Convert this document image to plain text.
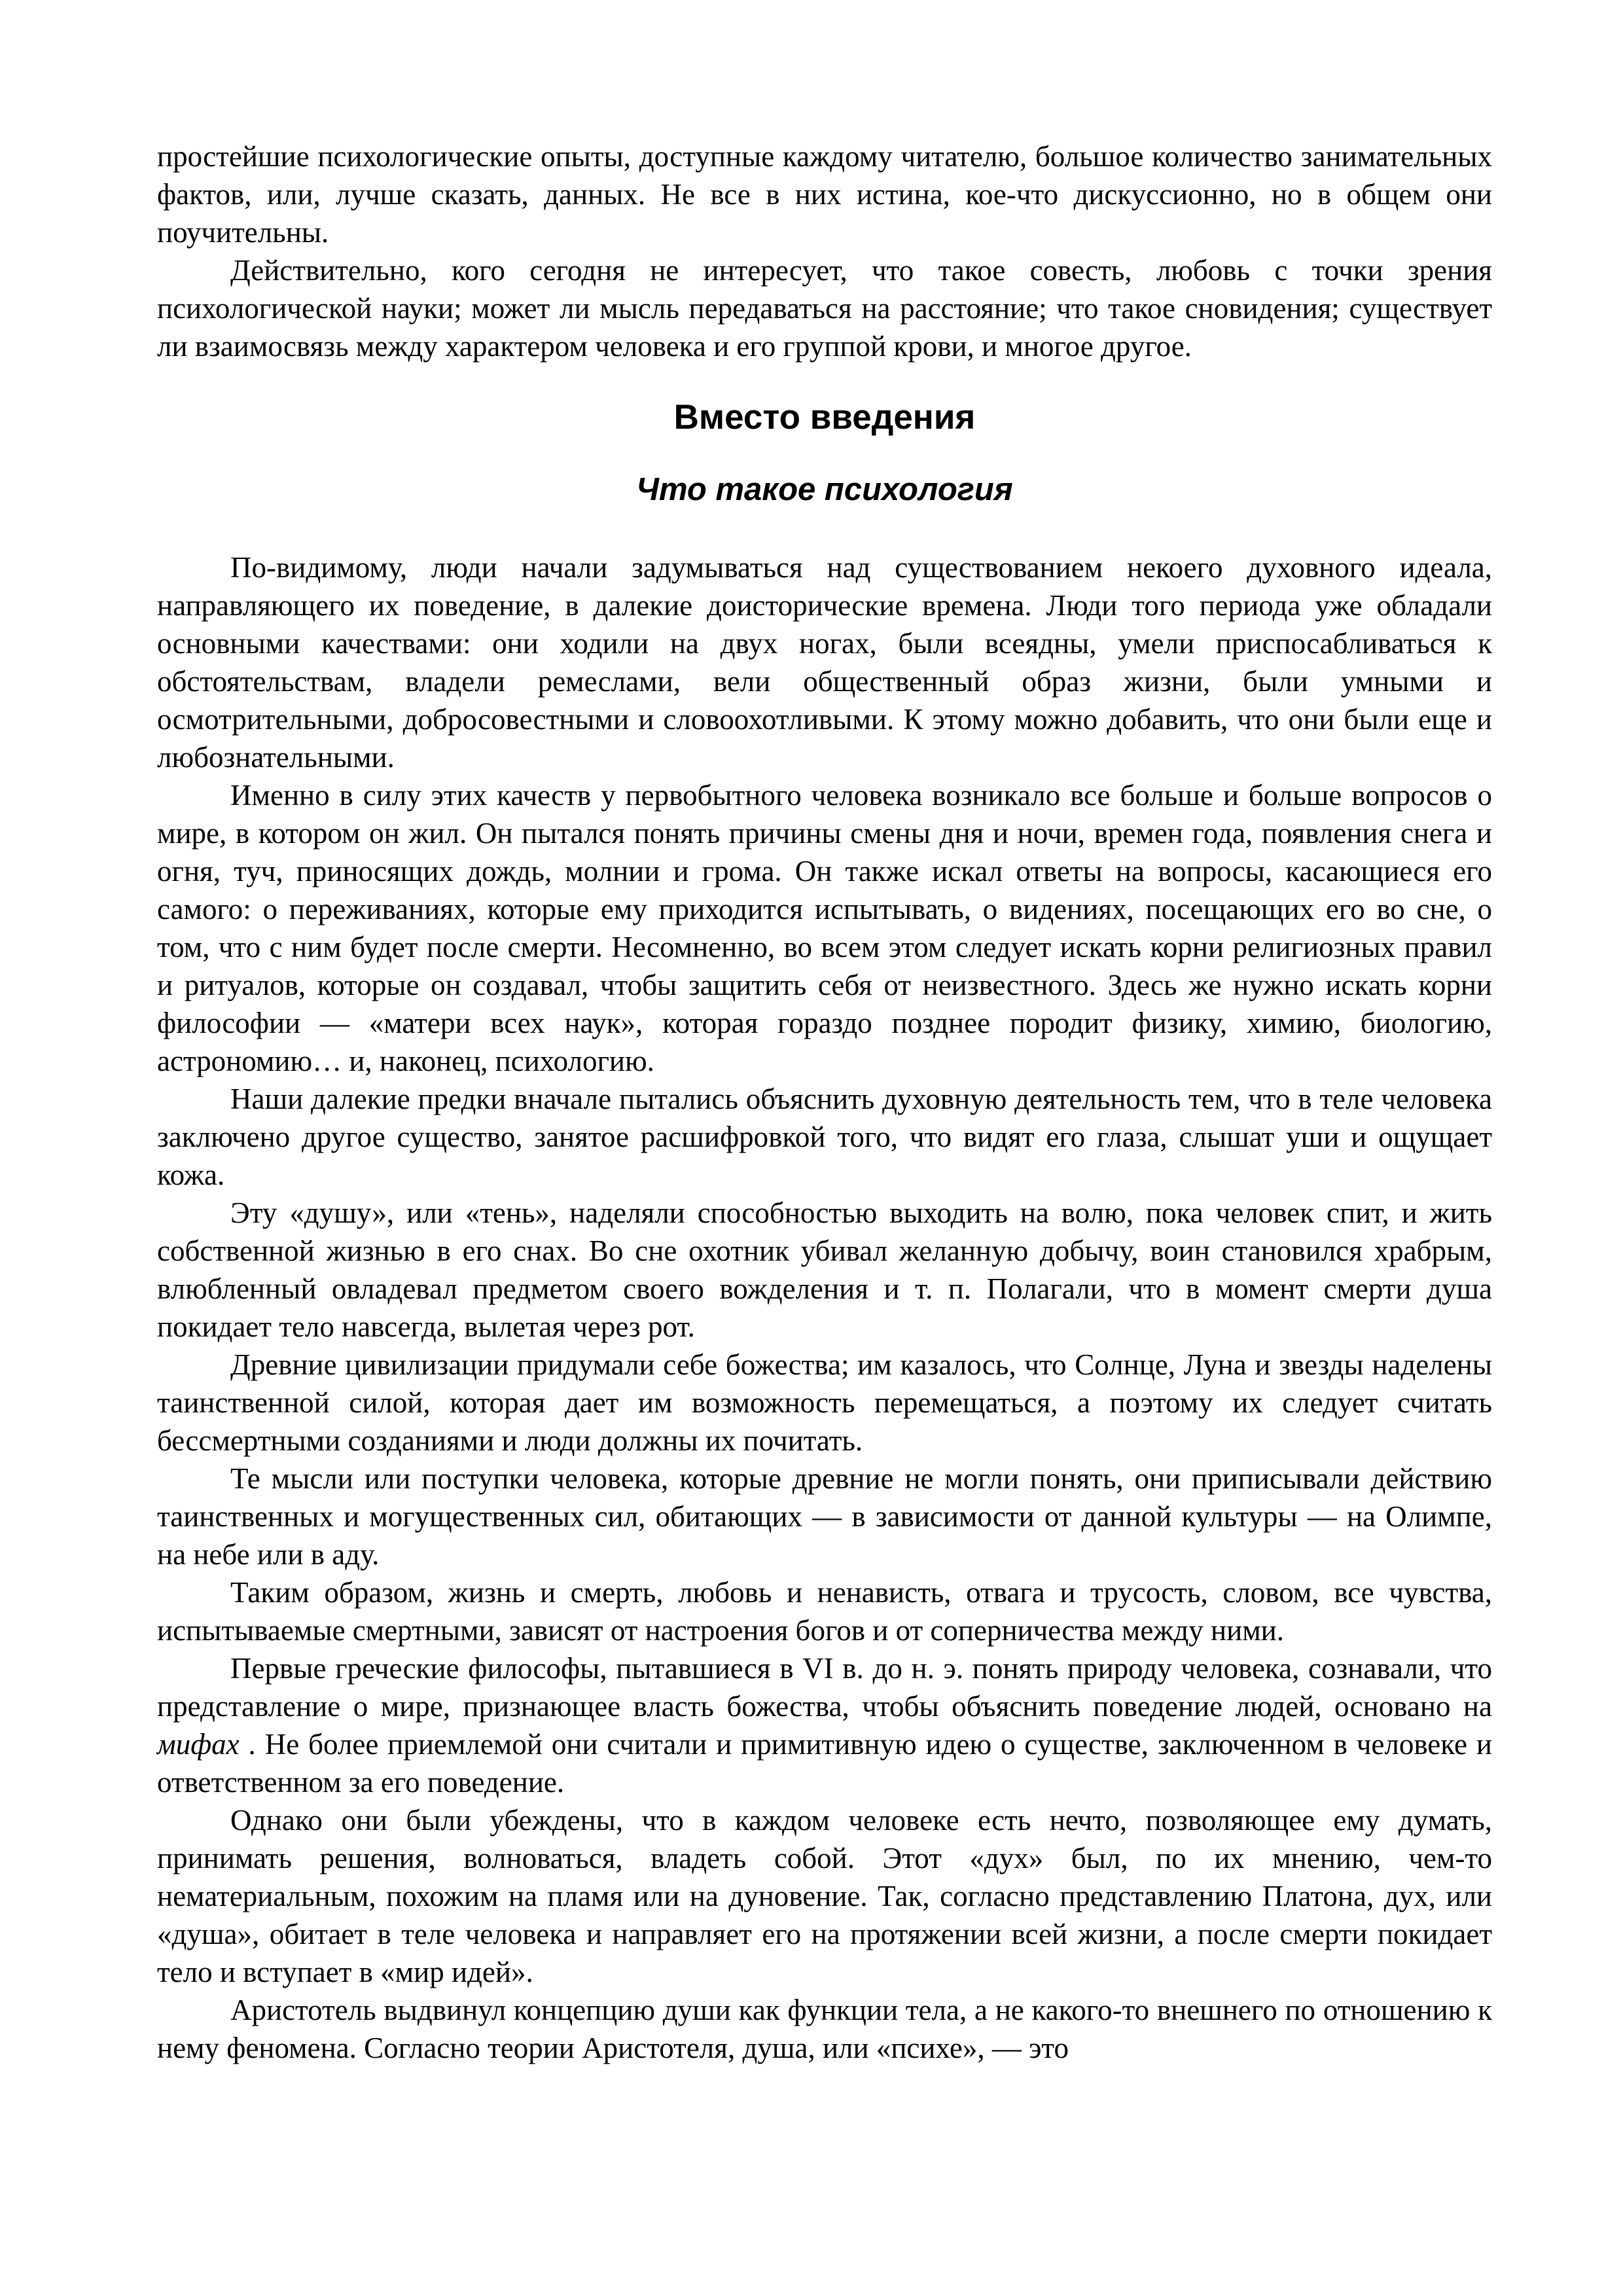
простейшие психологические опыты, доступные каждому читателю, большое количество занимательных фактов, или, лучше сказать, данных. Не все в них истина, кое-что дискуссионно, но в общем они поучительны.

Действительно, кого сегодня не интересует, что такое совесть, любовь с точки зрения психологической науки; может ли мысль передаваться на расстояние; что такое сновидения; существует ли взаимосвязь между характером человека и его группой крови, и многое другое.

Вместо введения
Что такое психология

По-видимому, люди начали задумываться над существованием некоего духовного идеала, направляющего их поведение, в далекие доисторические времена. Люди того периода уже обладали основными качествами: они ходили на двух ногах, были всеядны, умели приспосабливаться к обстоятельствам, владели ремеслами, вели общественный образ жизни, были умными и осмотрительными, добросовестными и словоохотливыми. К этому можно добавить, что они были еще и любознательными.

Именно в силу этих качеств у первобытного человека возникало все больше и больше вопросов о мире, в котором он жил. Он пытался понять причины смены дня и ночи, времен года, появления снега и огня, туч, приносящих дождь, молнии и грома. Он также искал ответы на вопросы, касающиеся его самого: о переживаниях, которые ему приходится испытывать, о видениях, посещающих его во сне, о том, что с ним будет после смерти. Несомненно, во всем этом следует искать корни религиозных правил и ритуалов, которые он создавал, чтобы защитить себя от неизвестного. Здесь же нужно искать корни философии — «матери всех наук», которая гораздо позднее породит физику, химию, биологию, астрономию… и, наконец, психологию.

Наши далекие предки вначале пытались объяснить духовную деятельность тем, что в теле человека заключено другое существо, занятое расшифровкой того, что видят его глаза, слышат уши и ощущает кожа.

Эту «душу», или «тень», наделяли способностью выходить на волю, пока человек спит, и жить собственной жизнью в его снах. Во сне охотник убивал желанную добычу, воин становился храбрым, влюбленный овладевал предметом своего вожделения и т. п. Полагали, что в момент смерти душа покидает тело навсегда, вылетая через рот.

Древние цивилизации придумали себе божества; им казалось, что Солнце, Луна и звезды наделены таинственной силой, которая дает им возможность перемещаться, а поэтому их следует считать бессмертными созданиями и люди должны их почитать.

Те мысли или поступки человека, которые древние не могли понять, они приписывали действию таинственных и могущественных сил, обитающих — в зависимости от данной культуры — на Олимпе, на небе или в аду.

Таким образом, жизнь и смерть, любовь и ненависть, отвага и трусость, словом, все чувства, испытываемые смертными, зависят от настроения богов и от соперничества между ними.

Первые греческие философы, пытавшиеся в VI в. до н. э. понять природу человека, сознавали, что представление о мире, признающее власть божества, чтобы объяснить поведение людей, основано на мифах . Не более приемлемой они считали и примитивную идею о существе, заключенном в человеке и ответственном за его поведение.

Однако они были убеждены, что в каждом человеке есть нечто, позволяющее ему думать, принимать решения, волноваться, владеть собой. Этот «дух» был, по их мнению, чем-то нематериальным, похожим на пламя или на дуновение. Так, согласно представлению Платона, дух, или «душа», обитает в теле человека и направляет его на протяжении всей жизни, а после смерти покидает тело и вступает в «мир идей».

Аристотель выдвинул концепцию души как функции тела, а не какого-то внешнего по отношению к нему феномена. Согласно теории Аристотеля, душа, или «психе», — это
